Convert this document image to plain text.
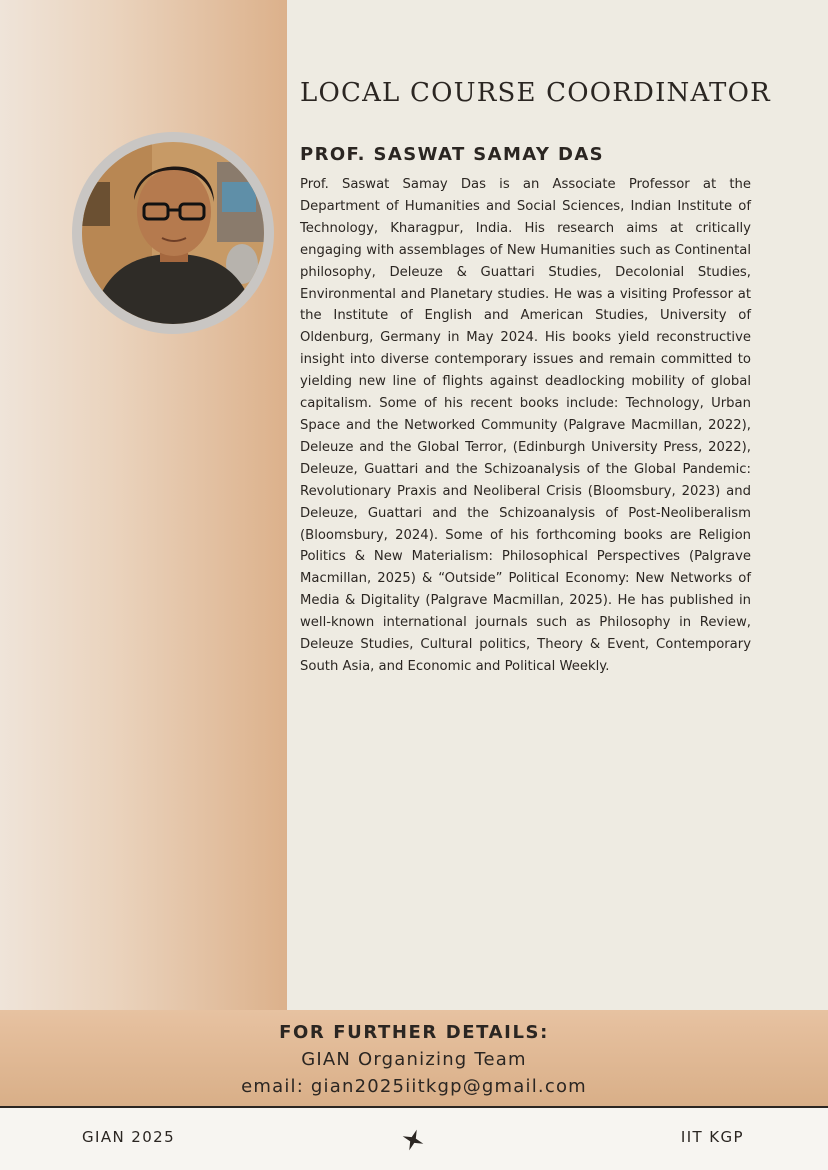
LOCAL COURSE COORDINATOR
PROF. SASWAT SAMAY DAS

Prof. Saswat Samay Das is an Associate Professor at the Department of Humanities and Social Sciences, Indian Institute of Technology, Kharagpur, India. His research aims at critically engaging with assemblages of New Humanities such as Continental philosophy, Deleuze & Guattari Studies, Decolonial Studies, Environmental and Planetary studies. He was a visiting Professor at the Institute of English and American Studies, University of Oldenburg, Germany in May 2024. His books yield reconstructive insight into diverse contemporary issues and remain committed to yielding new line of flights against deadlocking mobility of global capitalism. Some of his recent books include: Technology, Urban Space and the Networked Community (Palgrave Macmillan, 2022), Deleuze and the Global Terror, (Edinburgh University Press, 2022), Deleuze, Guattari and the Schizoanalysis of the Global Pandemic: Revolutionary Praxis and Neoliberal Crisis (Bloomsbury, 2023) and Deleuze, Guattari and the Schizoanalysis of Post-Neoliberalism (Bloomsbury, 2024). Some of his forthcoming books are Religion Politics & New Materialism: Philosophical Perspectives (Palgrave Macmillan, 2025) & “Outside” Political Economy: New Networks of Media & Digitality (Palgrave Macmillan, 2025). He has published in well-known international journals such as Philosophy in Review, Deleuze Studies, Cultural politics, Theory & Event, Contemporary South Asia, and Economic and Political Weekly.

FOR FURTHER DETAILS:
GIAN Organizing Team
email: gian2025iitkgp@gmail.com
GIAN 2025	IIT KGP
